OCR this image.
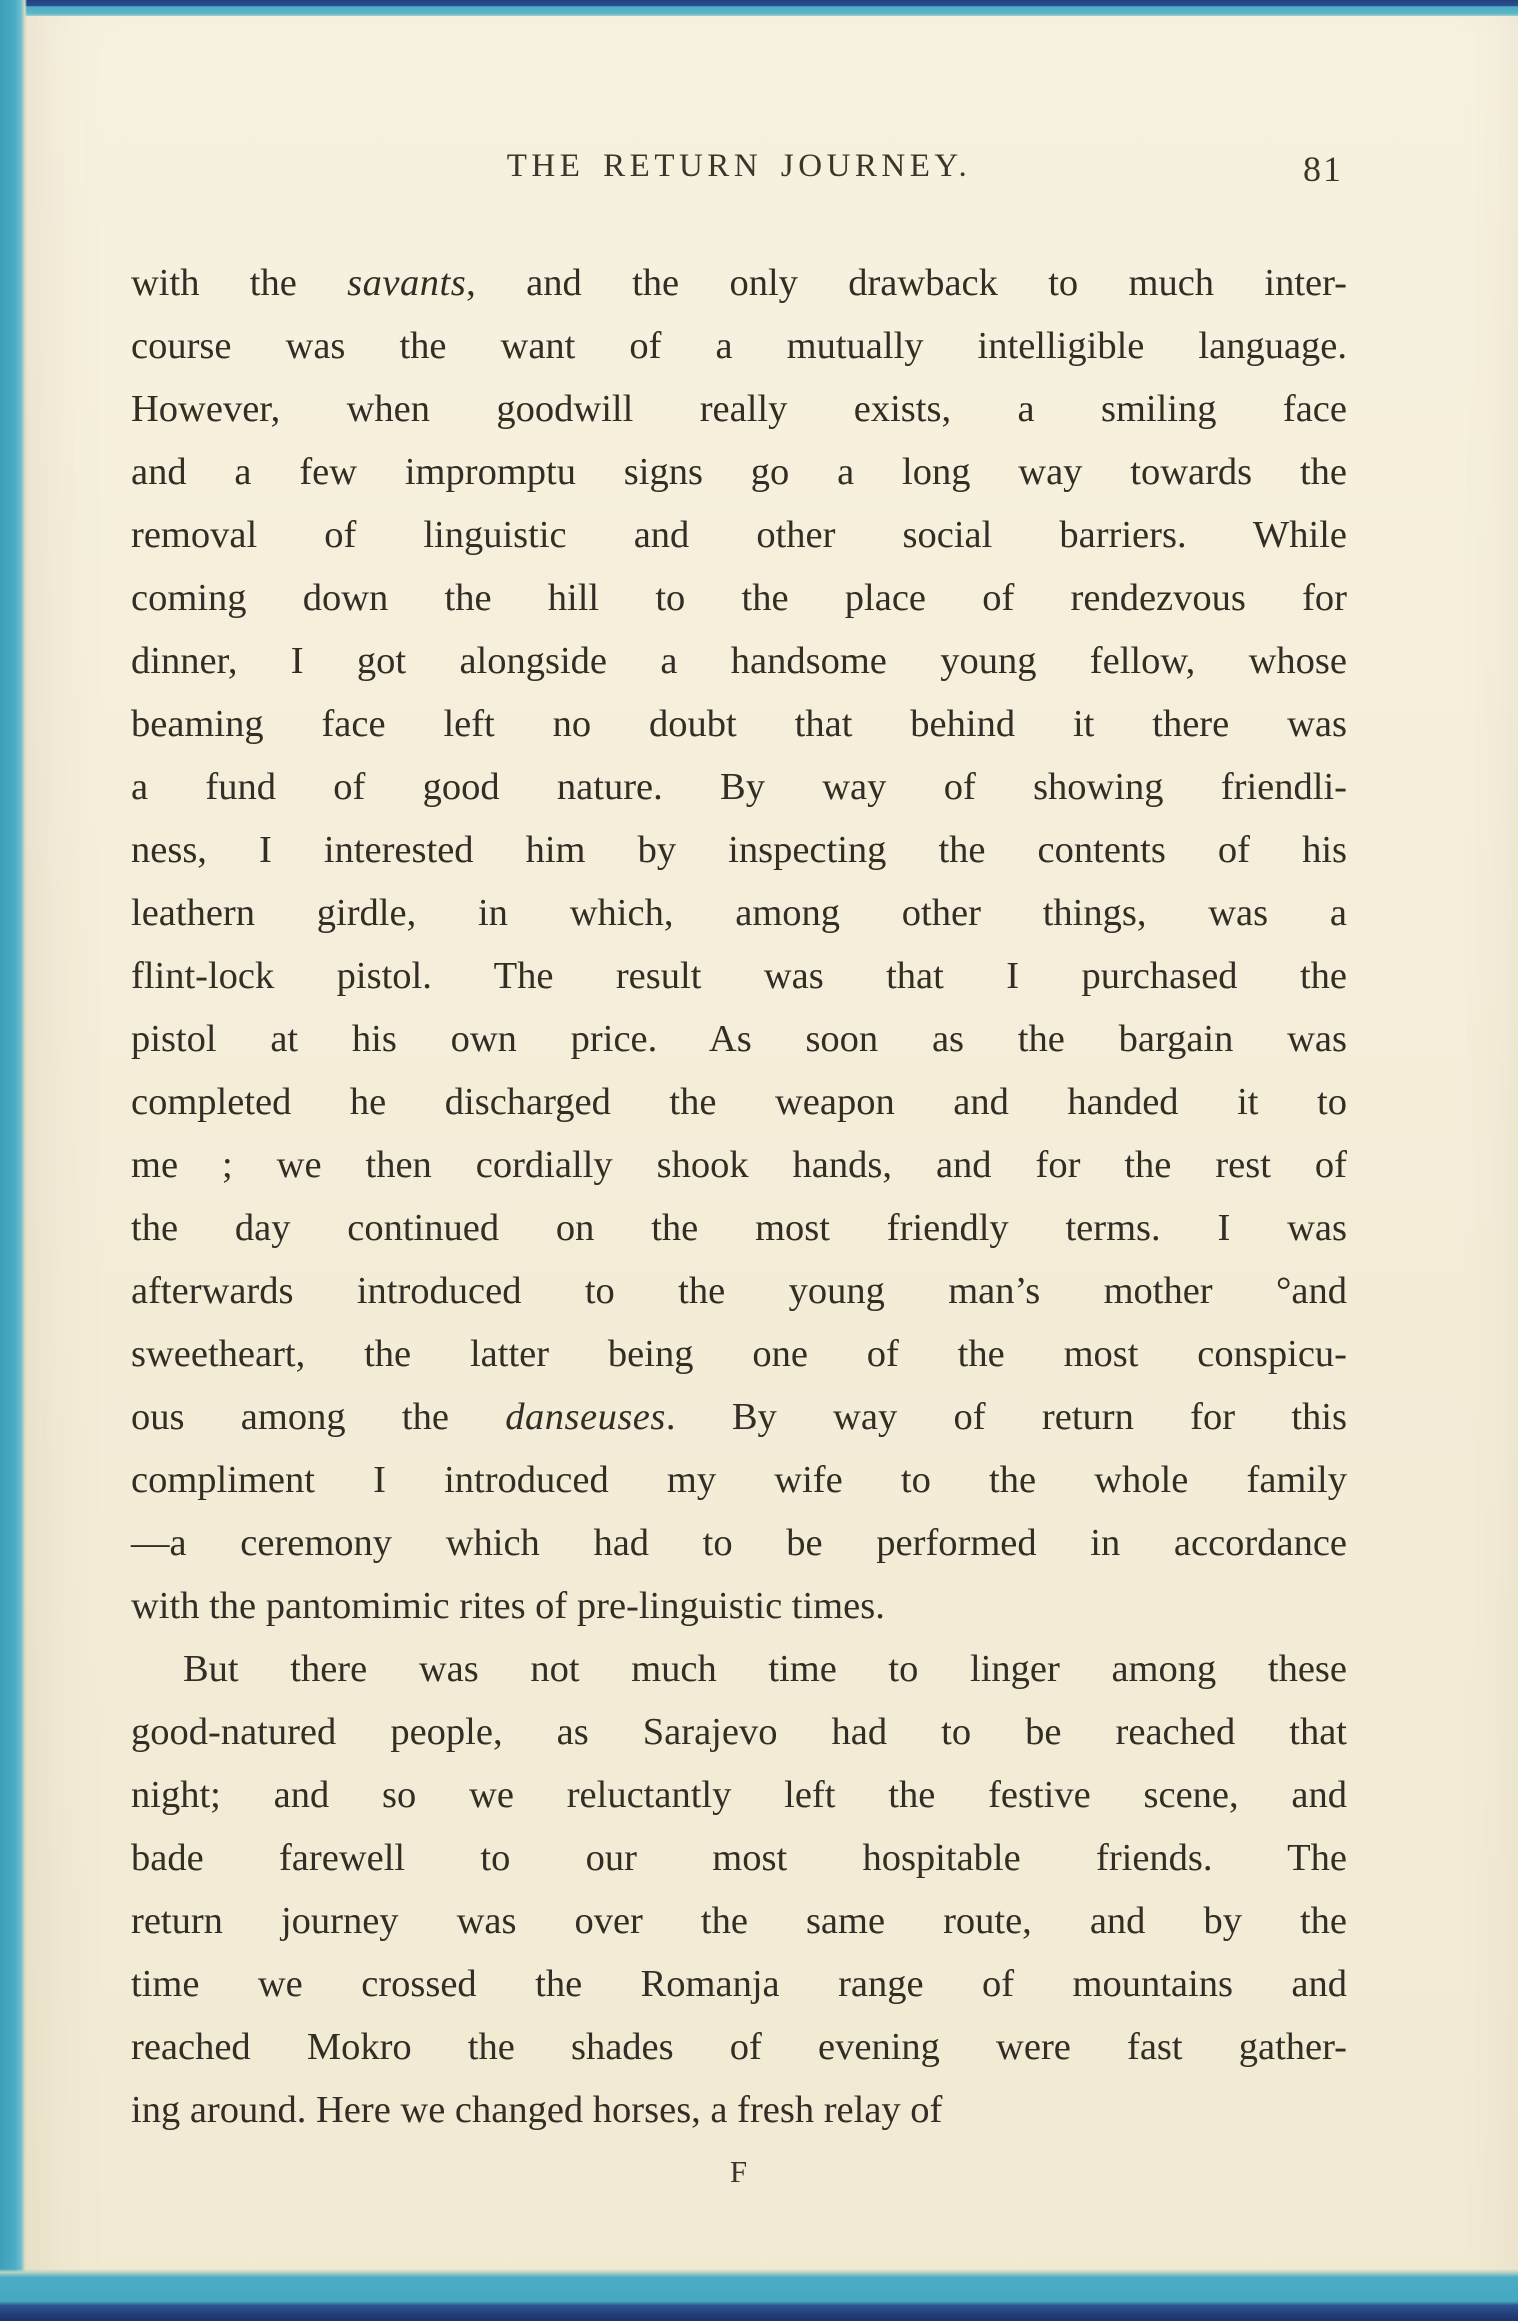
THE RETURN JOURNEY.	81
with the savants, and the only drawback to much inter-
course was the want of a mutually intelligible language.
However, when goodwill really exists, a smiling face
and a few impromptu signs go a long way towards the
removal of linguistic and other social barriers. While
coming down the hill to the place of rendezvous for
dinner, I got alongside a handsome young fellow, whose
beaming face left no doubt that behind it there was
a fund of good nature. By way of showing friendli-
ness, I interested him by inspecting the contents of his
leathern girdle, in which, among other things, was a
flint-lock pistol. The result was that I purchased the
pistol at his own price. As soon as the bargain was
completed he discharged the weapon and handed it to
me ; we then cordially shook hands, and for the rest of
the day continued on the most friendly terms. I was
afterwards introduced to the young man’s mother °and
sweetheart, the latter being one of the most conspicu-
ous among the danseuses. By way of return for this
compliment I introduced my wife to the whole family
—a ceremony which had to be performed in accordance
with the pantomimic rites of pre-linguistic times.
But there was not much time to linger among these
good-natured people, as Sarajevo had to be reached that
night; and so we reluctantly left the festive scene, and
bade farewell to our most hospitable friends. The
return journey was over the same route, and by the
time we crossed the Romanja range of mountains and
reached Mokro the shades of evening were fast gather-
ing around. Here we changed horses, a fresh relay of
F
